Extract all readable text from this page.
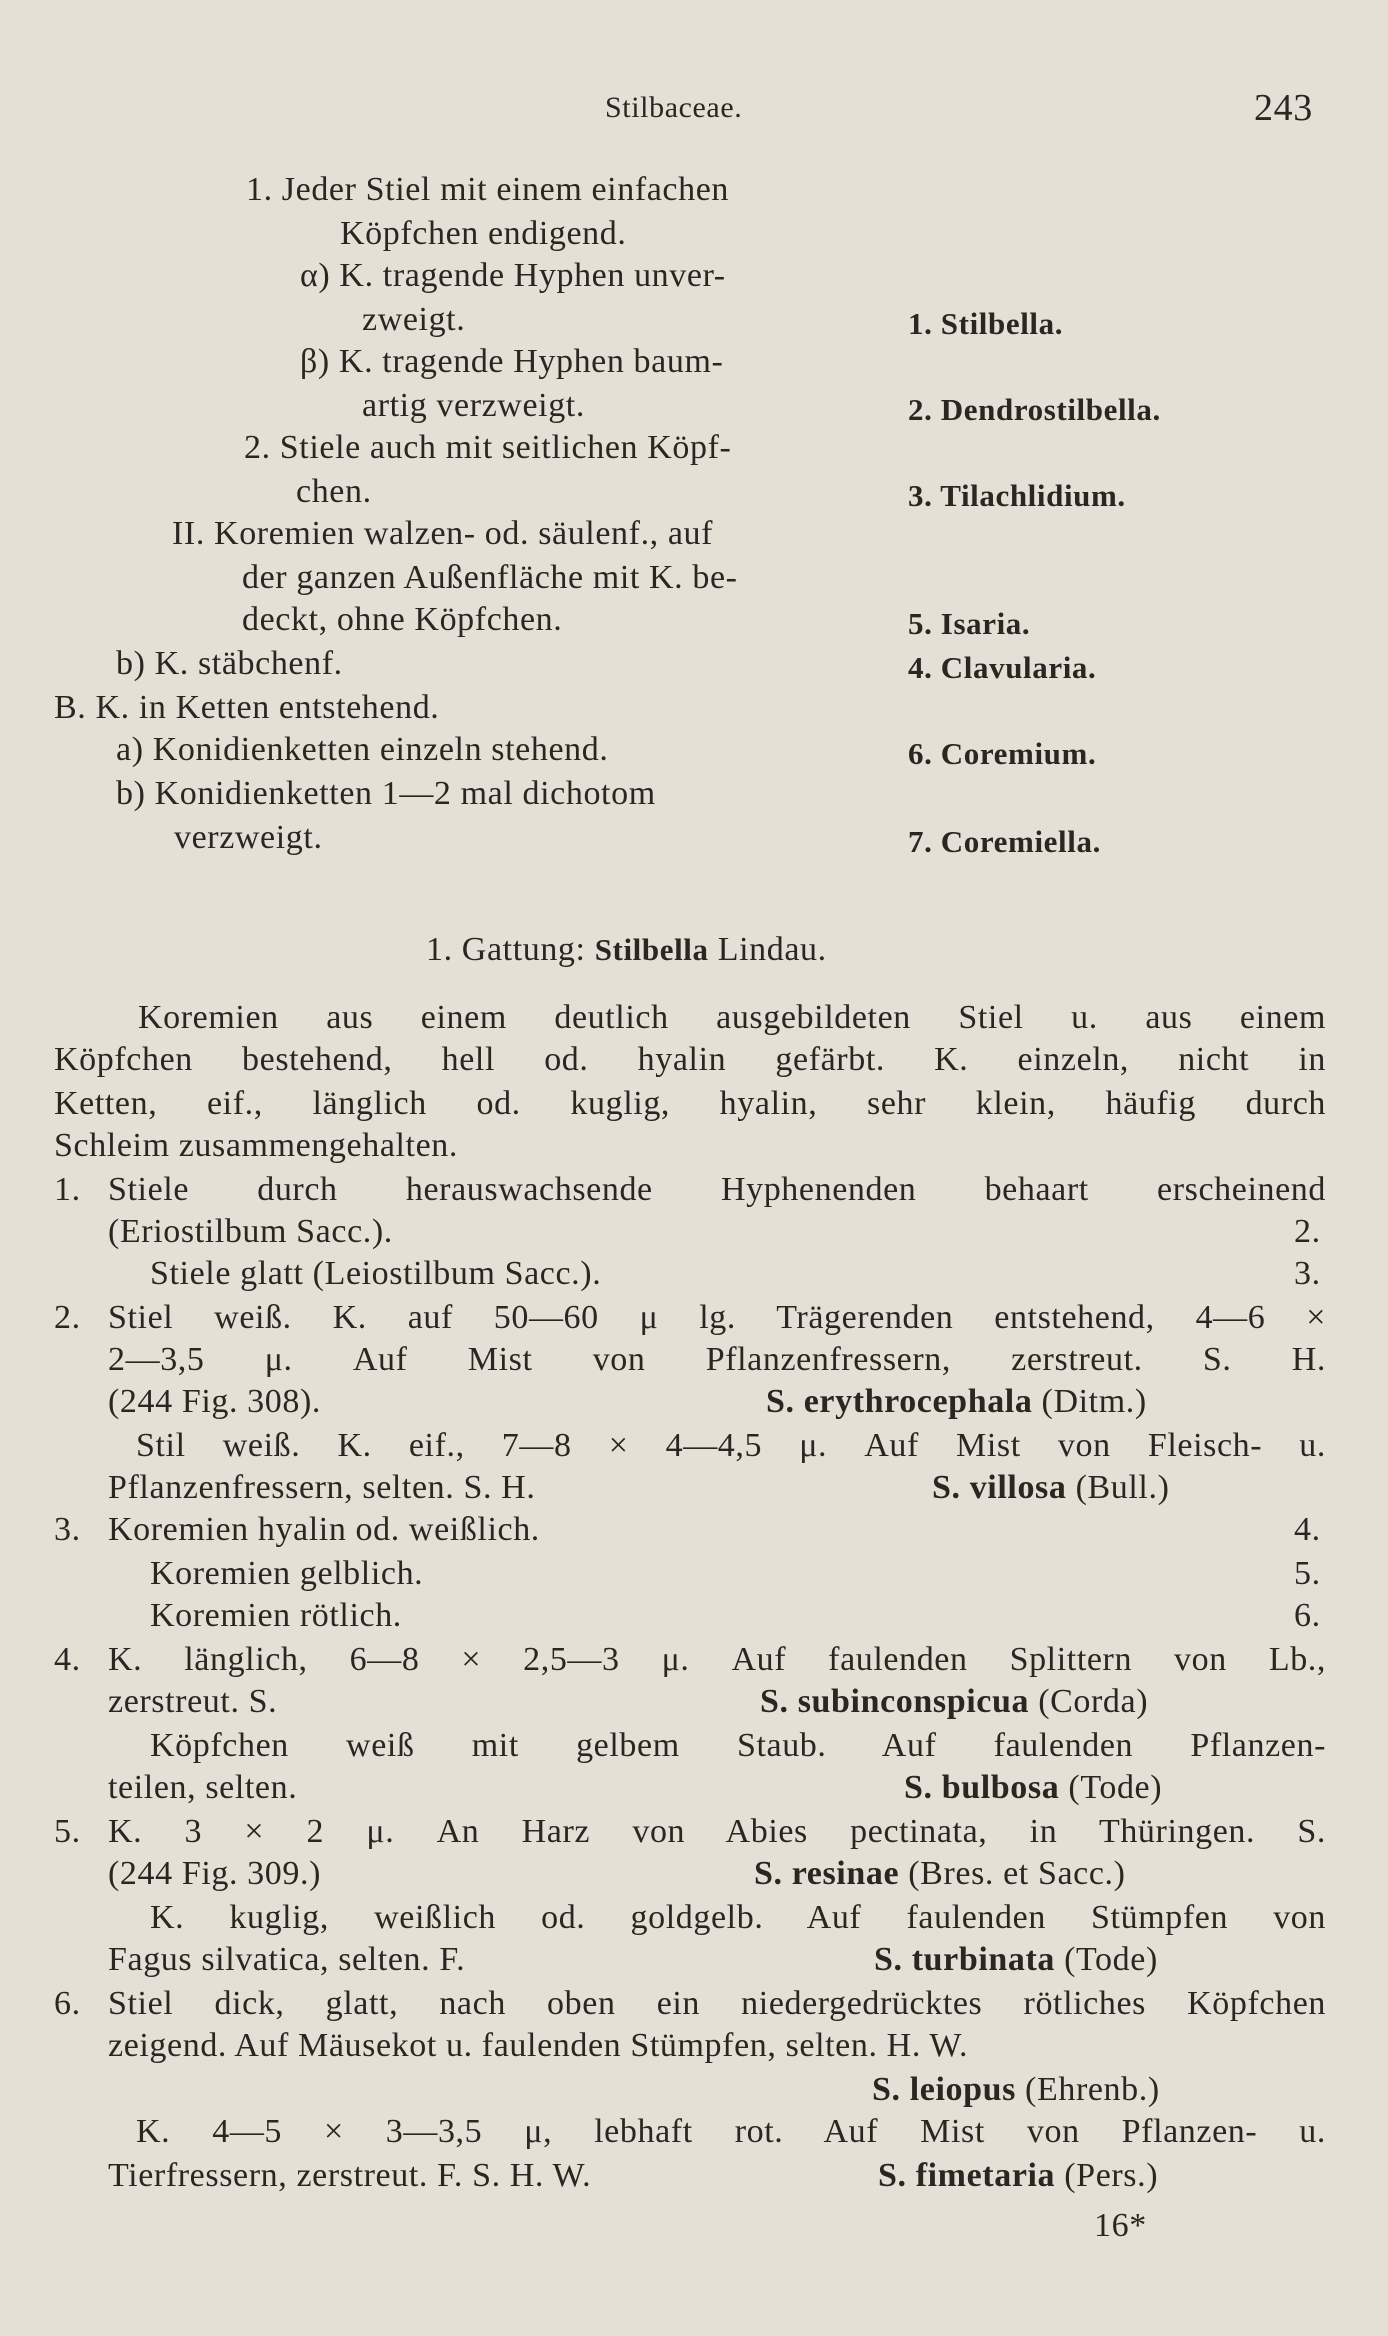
Stilbaceae.	243
1. Jeder Stiel mit einem einfachen
Köpfchen endigend.
α) K. tragende Hyphen unver-
zweigt.	1. Stilbella.
β) K. tragende Hyphen baum-
artig verzweigt.	2. Dendrostilbella.
2. Stiele auch mit seitlichen Köpf-
chen.	3. Tilachlidium.
II. Koremien walzen- od. säulenf., auf
der ganzen Außenfläche mit K. be-
deckt, ohne Köpfchen.	5. Isaria.
b) K. stäbchenf.	4. Clavularia.
B. K. in Ketten entstehend.
a) Konidienketten einzeln stehend.	6. Coremium.
b) Konidienketten 1—2 mal dichotom
verzweigt.	7. Coremiella.
1. Gattung: Stilbella Lindau.
Koremien aus einem deutlich ausgebildeten Stiel u. aus einem
Köpfchen bestehend, hell od. hyalin gefärbt. K. einzeln, nicht in
Ketten, eif., länglich od. kuglig, hyalin, sehr klein, häufig durch
Schleim zusammengehalten.
1. Stiele durch herauswachsende Hyphenenden behaart erscheinend
(Eriostilbum Sacc.).	2.
Stiele glatt (Leiostilbum Sacc.).	3.
2. Stiel weiß. K. auf 50—60 μ lg. Trägerenden entstehend, 4—6 ×
2—3,5 μ. Auf Mist von Pflanzenfressern, zerstreut. S. H.
(244 Fig. 308).	S. erythrocephala (Ditm.)
Stil weiß. K. eif., 7—8 × 4—4,5 μ. Auf Mist von Fleisch- u.
Pflanzenfressern, selten. S. H.	S. villosa (Bull.)
3. Koremien hyalin od. weißlich.	4.
Koremien gelblich.	5.
Koremien rötlich.	6.
4. K. länglich, 6—8 × 2,5—3 μ. Auf faulenden Splittern von Lb.,
zerstreut. S.	S. subinconspicua (Corda)
Köpfchen weiß mit gelbem Staub. Auf faulenden Pflanzen-
teilen, selten.	S. bulbosa (Tode)
5. K. 3 × 2 μ. An Harz von Abies pectinata, in Thüringen. S.
(244 Fig. 309.)	S. resinae (Bres. et Sacc.)
K. kuglig, weißlich od. goldgelb. Auf faulenden Stümpfen von
Fagus silvatica, selten. F.	S. turbinata (Tode)
6. Stiel dick, glatt, nach oben ein niedergedrücktes rötliches Köpfchen
zeigend. Auf Mäusekot u. faulenden Stümpfen, selten. H. W.
S. leiopus (Ehrenb.)
K. 4—5 × 3—3,5 μ, lebhaft rot. Auf Mist von Pflanzen- u.
Tierfressern, zerstreut. F. S. H. W.	S. fimetaria (Pers.)
16*
